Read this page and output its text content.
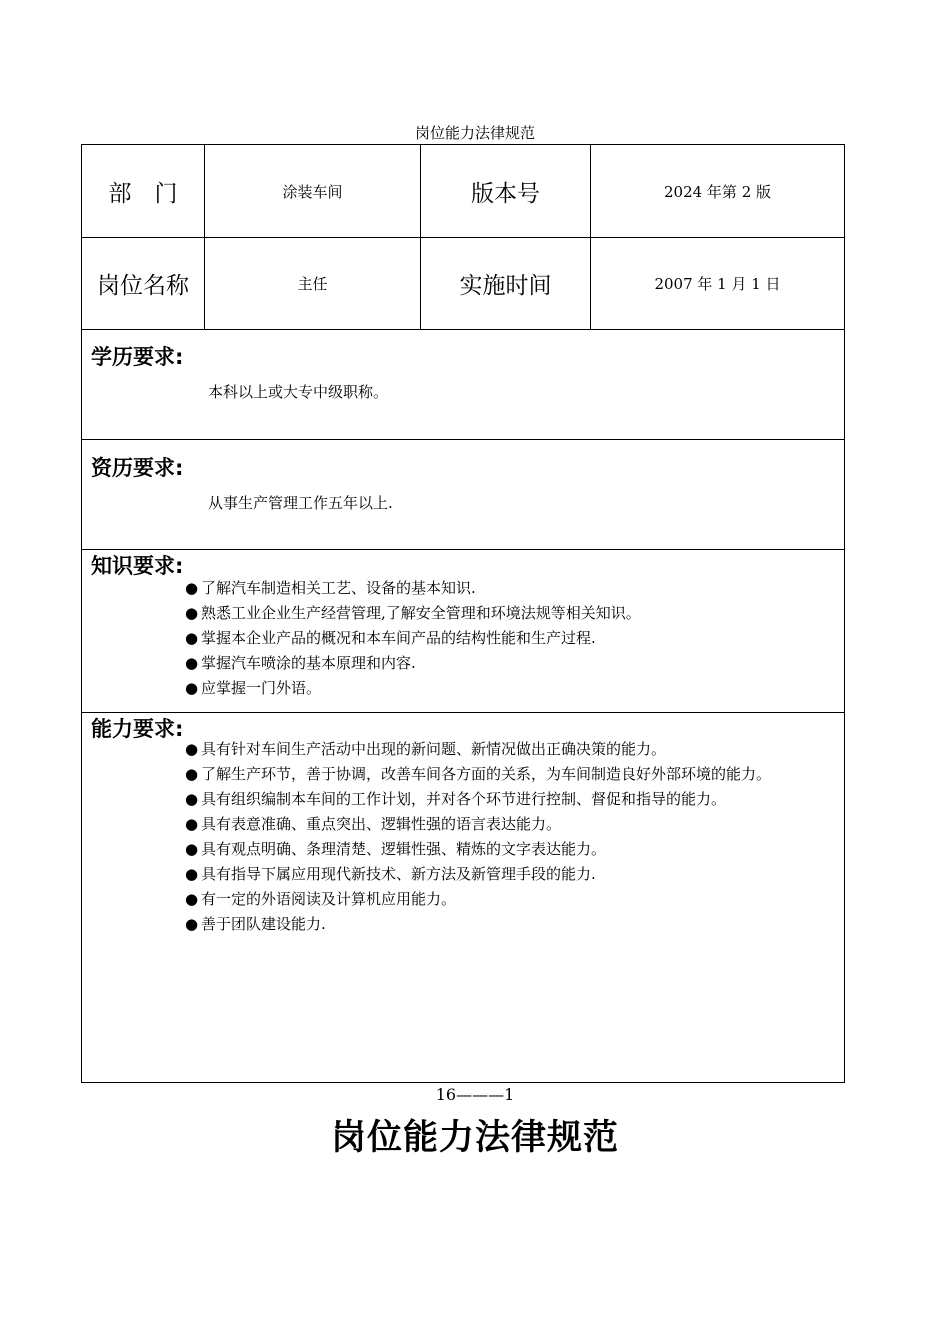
岗位能力法律规范
部　门	涂装车间	版本号	2024 年第 2 版
岗位名称	主任	实施时间	2007 年 1 月 1 日
学历要求:
本科以上或大专中级职称。
资历要求:
从事生产管理工作五年以上.
知识要求:
● 了解汽车制造相关工艺、设备的基本知识.
● 熟悉工业企业生产经营管理,了解安全管理和环境法规等相关知识。
● 掌握本企业产品的概况和本车间产品的结构性能和生产过程.
● 掌握汽车喷涂的基本原理和内容.
● 应掌握一门外语。
能力要求:
● 具有针对车间生产活动中出现的新问题、新情况做出正确决策的能力。
● 了解生产环节，善于协调，改善车间各方面的关系，为车间制造良好外部环境的能力。
● 具有组织编制本车间的工作计划，并对各个环节进行控制、督促和指导的能力。
● 具有表意准确、重点突出、逻辑性强的语言表达能力。
● 具有观点明确、条理清楚、逻辑性强、精炼的文字表达能力。
● 具有指导下属应用现代新技术、新方法及新管理手段的能力.
● 有一定的外语阅读及计算机应用能力。
● 善于团队建设能力.
16———1
岗位能力法律规范
